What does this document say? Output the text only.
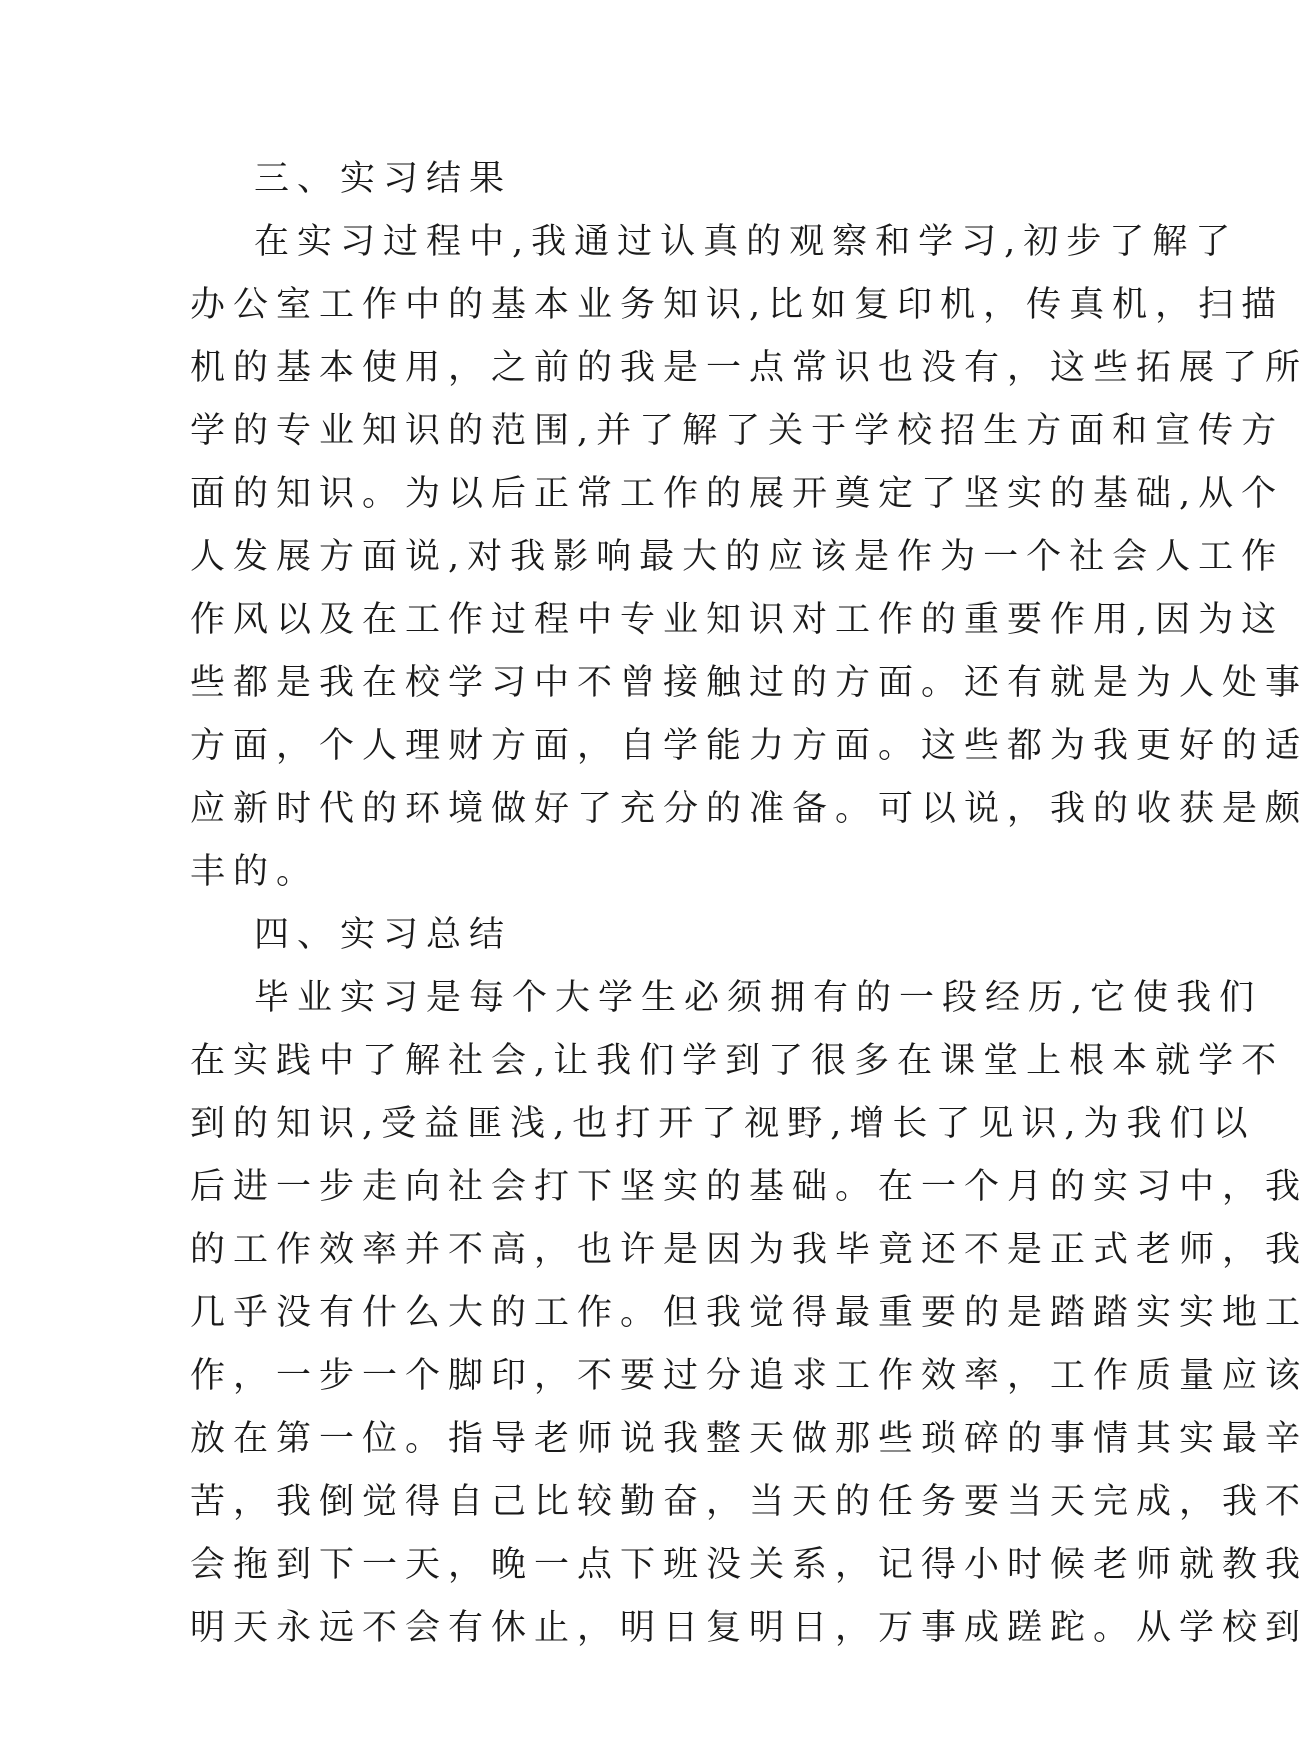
三、实习结果
在实习过程中,我通过认真的观察和学习,初步了解了
办公室工作中的基本业务知识,比如复印机，传真机，扫描
机的基本使用，之前的我是一点常识也没有，这些拓展了所
学的专业知识的范围,并了解了关于学校招生方面和宣传方
面的知识。为以后正常工作的展开奠定了坚实的基础,从个
人发展方面说,对我影响最大的应该是作为一个社会人工作
作风以及在工作过程中专业知识对工作的重要作用,因为这
些都是我在校学习中不曾接触过的方面。还有就是为人处事
方面，个人理财方面，自学能力方面。这些都为我更好的适
应新时代的环境做好了充分的准备。可以说，我的收获是颇
丰的。
四、实习总结
毕业实习是每个大学生必须拥有的一段经历,它使我们
在实践中了解社会,让我们学到了很多在课堂上根本就学不
到的知识,受益匪浅,也打开了视野,增长了见识,为我们以
后进一步走向社会打下坚实的基础。在一个月的实习中，我
的工作效率并不高，也许是因为我毕竟还不是正式老师，我
几乎没有什么大的工作。但我觉得最重要的是踏踏实实地工
作，一步一个脚印，不要过分追求工作效率，工作质量应该
放在第一位。指导老师说我整天做那些琐碎的事情其实最辛
苦，我倒觉得自己比较勤奋，当天的任务要当天完成，我不
会拖到下一天，晚一点下班没关系，记得小时候老师就教我
明天永远不会有休止，明日复明日，万事成蹉跎。从学校到
